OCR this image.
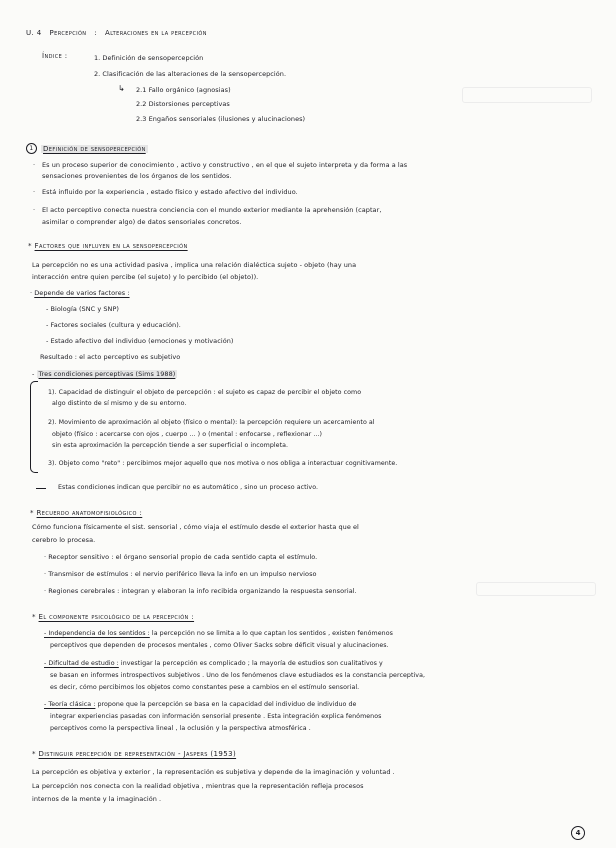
U. 4 Percepción : Alteraciones en la percepción
Índice :	1. Definición de sensopercepción
2. Clasificación de las alteraciones de la sensopercepción.
↳ 2.1 Fallo orgánico (agnosias)
2.2 Distorsiones perceptivas
2.3 Engaños sensoriales (ilusiones y alucinaciones)
1 Definición de sensopercepción
· Es un proceso superior de conocimiento , activo y constructivo , en el que el sujeto interpreta y da forma a las
sensaciones provenientes de los órganos de los sentidos.
· Está influido por la experiencia , estado físico y estado afectivo del individuo.
· El acto perceptivo conecta nuestra conciencia con el mundo exterior mediante la aprehensión (captar,
asimilar o comprender algo) de datos sensoriales concretos.
* Factores que influyen en la sensopercepción
La percepción no es una actividad pasiva , implica una relación dialéctica sujeto - objeto (hay una
interacción entre quien percibe (el sujeto) y lo percibido (el objeto)).
· Depende de varios factores :
- Biología (SNC y SNP)
- Factores sociales (cultura y educación).
- Estado afectivo del individuo (emociones y motivación)
Resultado : el acto perceptivo es subjetivo
- Tres condiciones perceptivas (Sims 1988)
1). Capacidad de distinguir el objeto de percepción : el sujeto es capaz de percibir el objeto como
algo distinto de sí mismo y de su entorno.
2). Movimiento de aproximación al objeto (físico o mental): la percepción requiere un acercamiento al
objeto (físico : acercarse con ojos , cuerpo ... ) o (mental : enfocarse , reflexionar ...)
sin esta aproximación la percepción tiende a ser superficial o incompleta.
3). Objeto como "reto" : percibimos mejor aquello que nos motiva o nos obliga a interactuar cognitivamente.
Estas condiciones indican que percibir no es automático , sino un proceso activo.
* Recuerdo anatomofisiológico :
Cómo funciona físicamente el sist. sensorial , cómo viaja el estímulo desde el exterior hasta que el
cerebro lo procesa.
· Receptor sensitivo : el órgano sensorial propio de cada sentido capta el estímulo.
· Transmisor de estímulos : el nervio periférico lleva la info en un impulso nervioso
· Regiones cerebrales : integran y elaboran la info recibida organizando la respuesta sensorial.
* El componente psicológico de la percepción :
- Independencia de los sentidos : la percepción no se limita a lo que captan los sentidos , existen fenómenos
perceptivos que dependen de procesos mentales , como Oliver Sacks sobre déficit visual y alucinaciones.
- Dificultad de estudio : investigar la percepción es complicado ; la mayoría de estudios son cualitativos y
se basan en informes introspectivos subjetivos . Uno de los fenómenos clave estudiados es la constancia perceptiva,
es decir, cómo percibimos los objetos como constantes pese a cambios en el estímulo sensorial.
- Teoría clásica : propone que la percepción se basa en la capacidad del individuo de individuo de
integrar experiencias pasadas con información sensorial presente . Esta integración explica fenómenos
perceptivos como la perspectiva lineal , la oclusión y la perspectiva atmosférica .
* Distinguir percepción de representación - Jaspers (1953)
La percepción es objetiva y exterior , la representación es subjetiva y depende de la imaginación y voluntad .
La percepción nos conecta con la realidad objetiva , mientras que la representación refleja procesos
internos de la mente y la imaginación .
4
